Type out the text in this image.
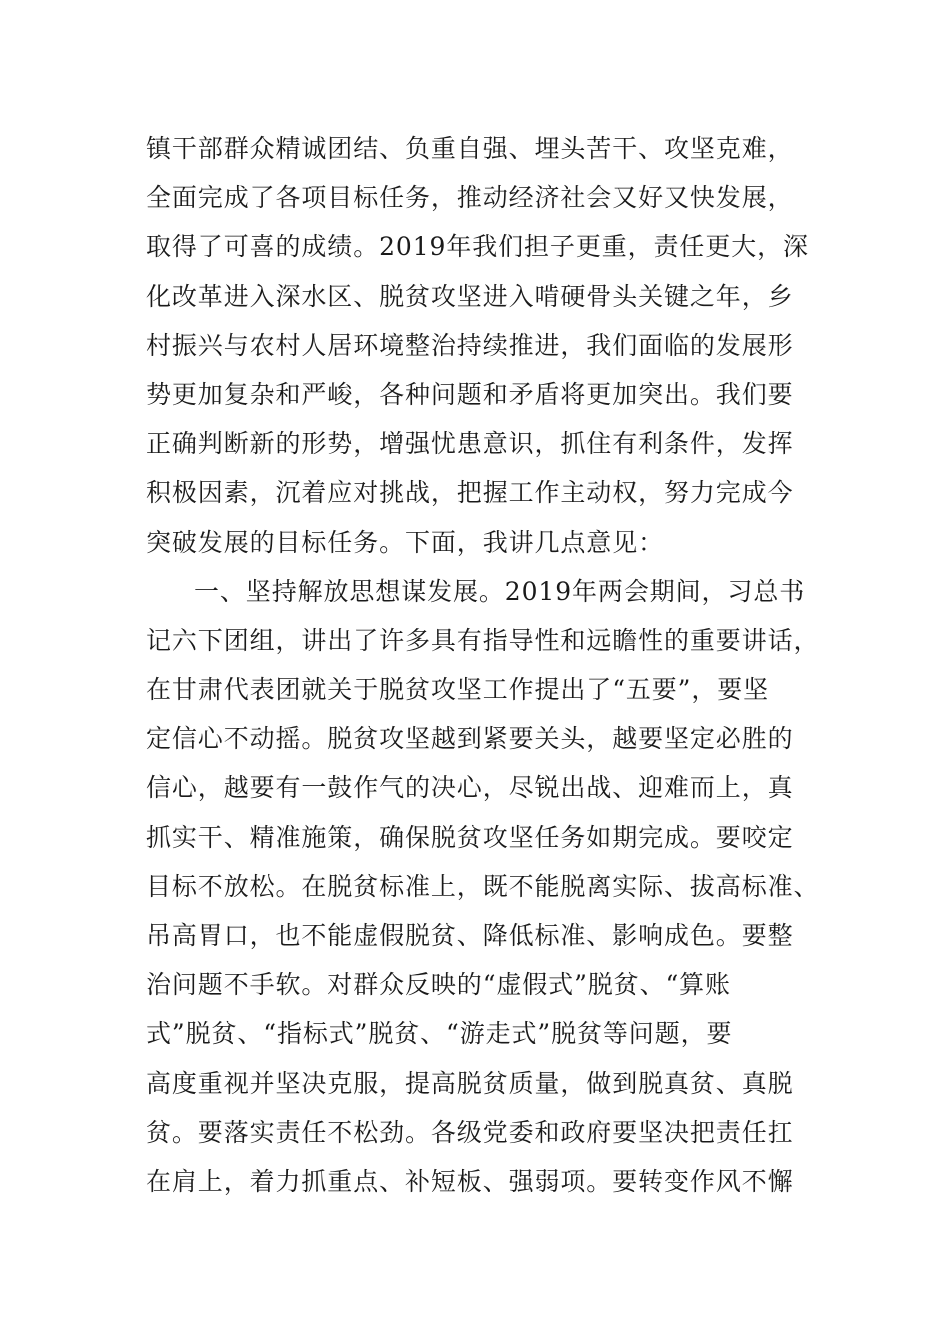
镇干部群众精诚团结、负重自强、埋头苦干、攻坚克难，
全面完成了各项目标任务，推动经济社会又好又快发展，
取得了可喜的成绩。2019年我们担子更重，责任更大，深
化改革进入深水区、脱贫攻坚进入啃硬骨头关键之年，乡
村振兴与农村人居环境整治持续推进，我们面临的发展形
势更加复杂和严峻，各种问题和矛盾将更加突出。我们要
正确判断新的形势，增强忧患意识，抓住有利条件，发挥
积极因素，沉着应对挑战，把握工作主动权，努力完成今
突破发展的目标任务。下面，我讲几点意见：
一、坚持解放思想谋发展。2019年两会期间，习总书
记六下团组，讲出了许多具有指导性和远瞻性的重要讲话，
在甘肃代表团就关于脱贫攻坚工作提出了“五要”，要坚
定信心不动摇。脱贫攻坚越到紧要关头，越要坚定必胜的
信心，越要有一鼓作气的决心，尽锐出战、迎难而上，真
抓实干、精准施策，确保脱贫攻坚任务如期完成。要咬定
目标不放松。在脱贫标准上，既不能脱离实际、拔高标准、
吊高胃口，也不能虚假脱贫、降低标准、影响成色。要整
治问题不手软。对群众反映的“虚假式”脱贫、“算账
式”脱贫、“指标式”脱贫、“游走式”脱贫等问题，要
高度重视并坚决克服，提高脱贫质量，做到脱真贫、真脱
贫。要落实责任不松劲。各级党委和政府要坚决把责任扛
在肩上，着力抓重点、补短板、强弱项。要转变作风不懈
